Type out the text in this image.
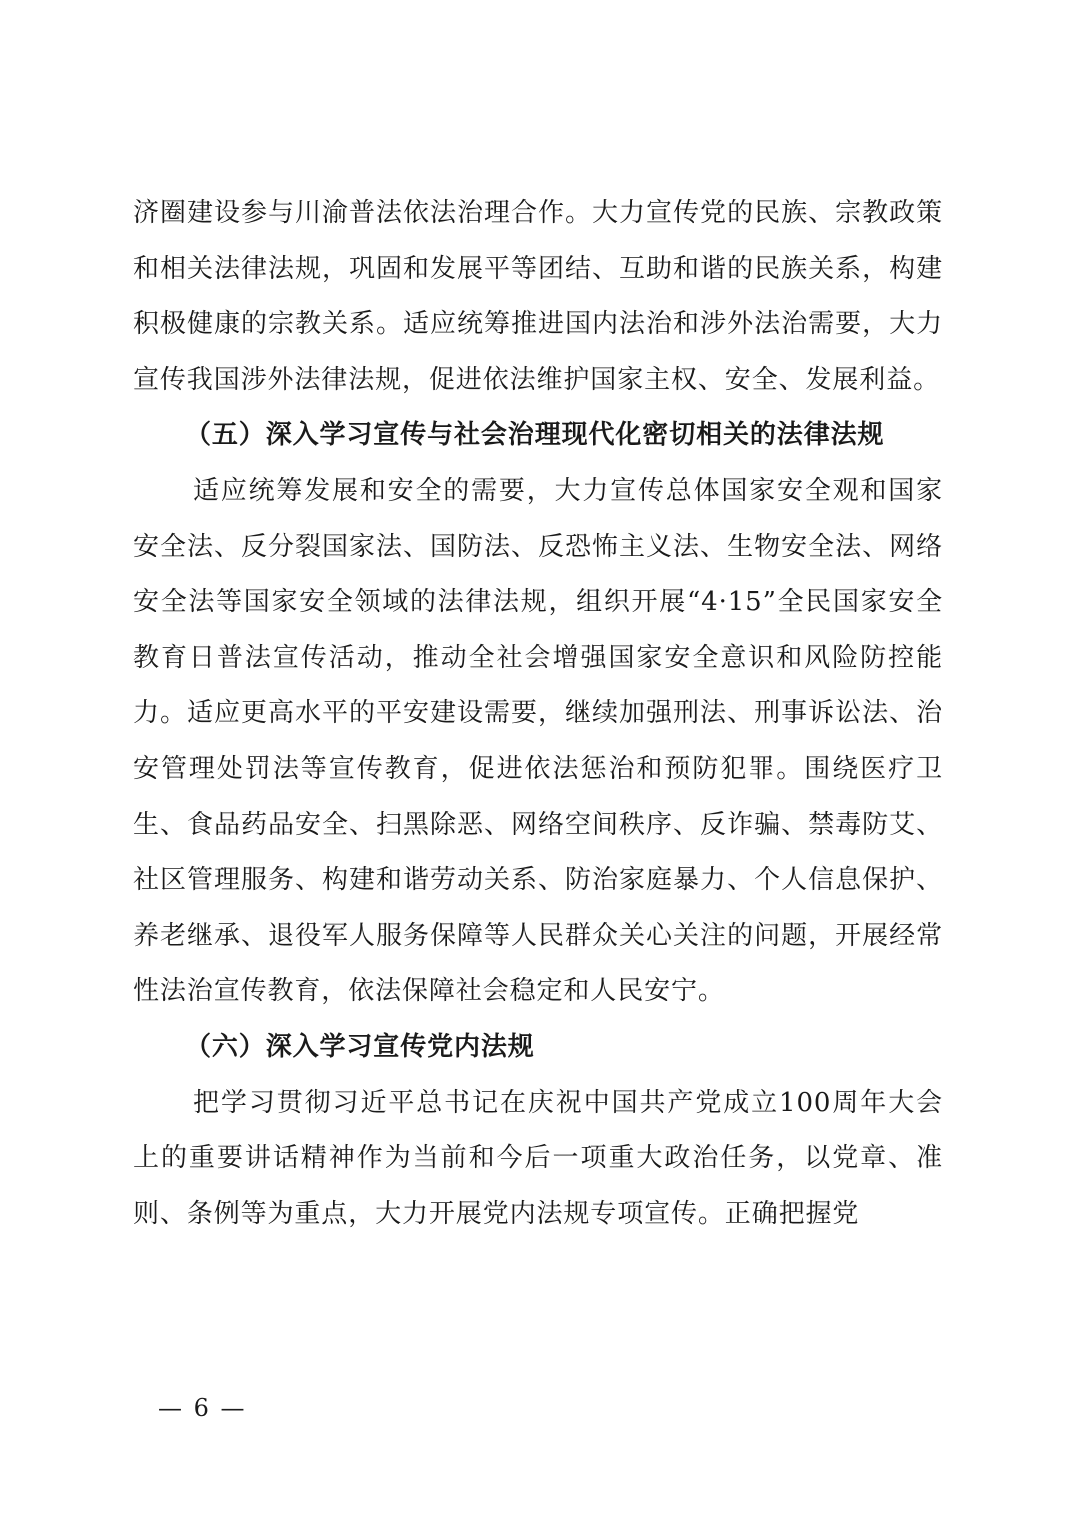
济圈建设参与川渝普法依法治理合作。大力宣传党的民族、宗教政策和相关法律法规，巩固和发展平等团结、互助和谐的民族关系，构建积极健康的宗教关系。适应统筹推进国内法治和涉外法治需要，大力宣传我国涉外法律法规，促进依法维护国家主权、安全、发展利益。

（五）深入学习宣传与社会治理现代化密切相关的法律法规

适应统筹发展和安全的需要，大力宣传总体国家安全观和国家安全法、反分裂国家法、国防法、反恐怖主义法、生物安全法、网络安全法等国家安全领域的法律法规，组织开展“4·15”全民国家安全教育日普法宣传活动，推动全社会增强国家安全意识和风险防控能力。适应更高水平的平安建设需要，继续加强刑法、刑事诉讼法、治安管理处罚法等宣传教育，促进依法惩治和预防犯罪。围绕医疗卫生、食品药品安全、扫黑除恶、网络空间秩序、反诈骗、禁毒防艾、社区管理服务、构建和谐劳动关系、防治家庭暴力、个人信息保护、养老继承、退役军人服务保障等人民群众关心关注的问题，开展经常性法治宣传教育，依法保障社会稳定和人民安宁。

（六）深入学习宣传党内法规

把学习贯彻习近平总书记在庆祝中国共产党成立100周年大会上的重要讲话精神作为当前和今后一项重大政治任务，以党章、准则、条例等为重点，大力开展党内法规专项宣传。正确把握党

— 6 —
